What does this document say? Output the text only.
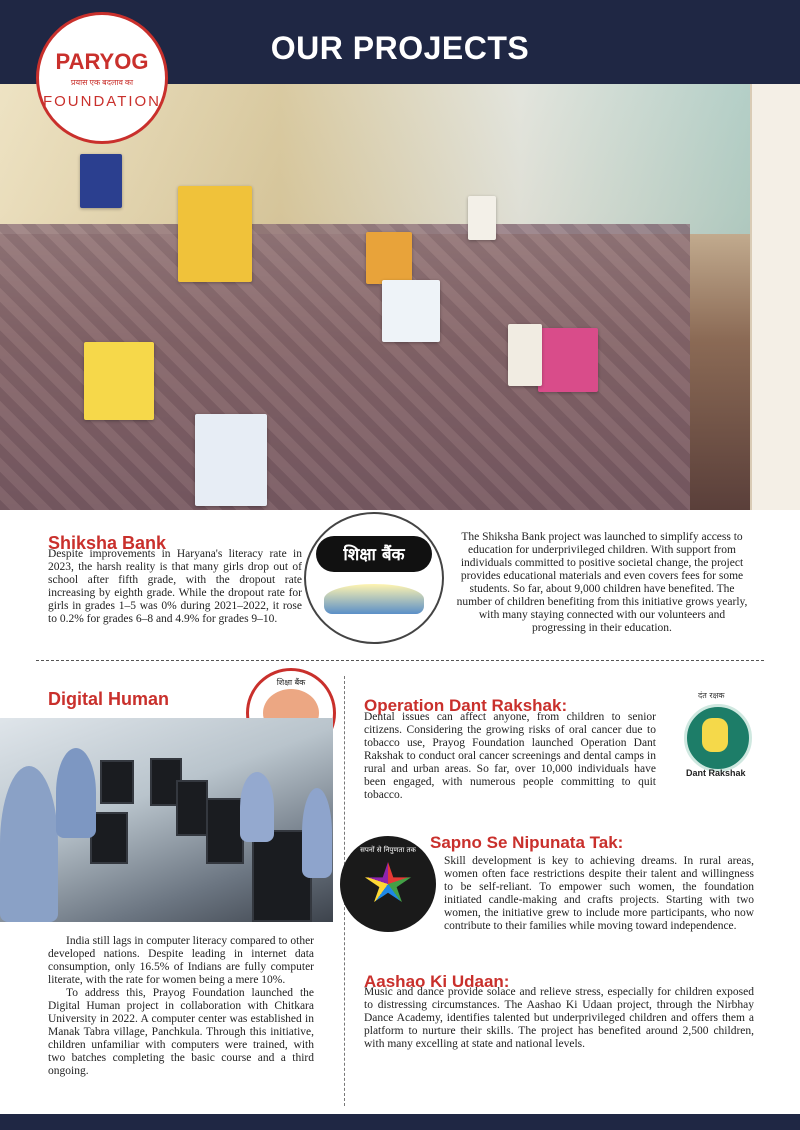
OUR PROJECTS
PARYOG
प्रयास एक बदलाव का
FOUNDATION
Shiksha Bank

Despite improvements in Haryana's literacy rate in 2023, the harsh reality is that many girls drop out of school after fifth grade, with the dropout rate increasing by eighth grade. While the dropout rate for girls in grades 1–5 was 0% during 2021–2022, it rose to 0.2% for grades 6–8 and 4.9% for grades 9–10.

शिक्षा बैंक

The Shiksha Bank project was launched to simplify access to education for underprivileged children. With support from individuals committed to positive societal change, the project provides educational materials and even covers fees for some students. So far, about 9,000 children have benefited. The number of children benefiting from this initiative grows yearly, with many staying connected with our volunteers and progressing in their education.

Digital Human
शिक्षा बैंक

India still lags in computer literacy compared to other developed nations. Despite leading in internet data consumption, only 16.5% of Indians are fully computer literate, with the rate for women being a mere 10%.

To address this, Prayog Foundation launched the Digital Human project in collaboration with Chitkara University in 2022. A computer center was established in Manak Tabra village, Panchkula. Through this initiative, children unfamiliar with computers were trained, with two batches completing the basic course and a third ongoing.

Operation Dant Rakshak:

Dental issues can affect anyone, from children to senior citizens. Considering the growing risks of oral cancer due to tobacco use, Prayog Foundation launched Operation Dant Rakshak to conduct oral cancer screenings and dental camps in rural and urban areas. So far, over 10,000 individuals have been engaged, with numerous people committing to quit tobacco.

दंत रक्षक
Dant Rakshak
सपनों से निपुणता तक Sapno Se Nipunata Tak:

Skill development is key to achieving dreams. In rural areas, women often face restrictions despite their talent and willingness to be self-reliant. To empower such women, the foundation initiated candle-making and crafts projects. Starting with two women, the initiative grew to include more participants, who now contribute to their families while moving toward independence.

Aashao Ki Udaan:

Music and dance provide solace and relieve stress, especially for children exposed to distressing circumstances. The Aashao Ki Udaan project, through the Nirbhay Dance Academy, identifies talented but underprivileged children and offers them a platform to nurture their skills. The project has benefited around 2,500 children, with many excelling at state and national levels.
